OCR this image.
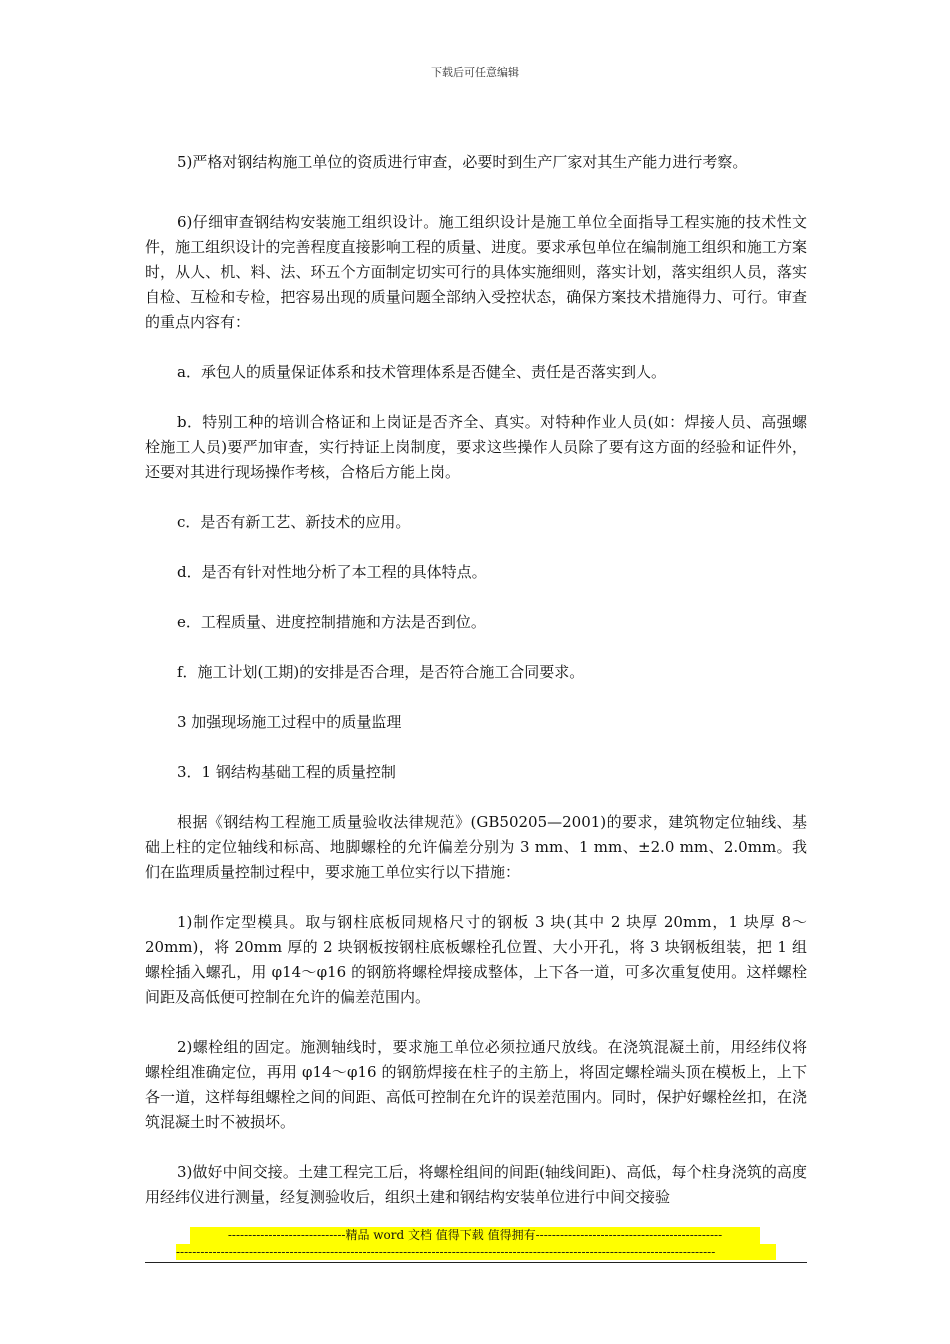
下载后可任意编辑

5)严格对钢结构施工单位的资质进行审查，必要时到生产厂家对其生产能力进行考察。

6)仔细审查钢结构安装施工组织设计。施工组织设计是施工单位全面指导工程实施的技术性文件，施工组织设计的完善程度直接影响工程的质量、进度。要求承包单位在编制施工组织和施工方案时，从人、机、料、法、环五个方面制定切实可行的具体实施细则，落实计划，落实组织人员，落实自检、互检和专检，把容易出现的质量问题全部纳入受控状态，确保方案技术措施得力、可行。审查的重点内容有：

a．承包人的质量保证体系和技术管理体系是否健全、责任是否落实到人。

b．特别工种的培训合格证和上岗证是否齐全、真实。对特种作业人员(如：焊接人员、高强螺栓施工人员)要严加审查，实行持证上岗制度，要求这些操作人员除了要有这方面的经验和证件外，还要对其进行现场操作考核，合格后方能上岗。

c．是否有新工艺、新技术的应用。

d．是否有针对性地分析了本工程的具体特点。

e．工程质量、进度控制措施和方法是否到位。

f．施工计划(工期)的安排是否合理，是否符合施工合同要求。

3 加强现场施工过程中的质量监理

3．1 钢结构基础工程的质量控制

根据《钢结构工程施工质量验收法律规范》(GB50205—2001)的要求，建筑物定位轴线、基础上柱的定位轴线和标高、地脚螺栓的允许偏差分别为 3 mm、1 mm、±2.0 mm、2.0mm。我们在监理质量控制过程中，要求施工单位实行以下措施：

1)制作定型模具。取与钢柱底板同规格尺寸的钢板 3 块(其中 2 块厚 20mm，1 块厚 8～20mm)，将 20mm 厚的 2 块钢板按钢柱底板螺栓孔位置、大小开孔，将 3 块钢板组装，把 1 组螺栓插入螺孔，用 φ14～φ16 的钢筋将螺栓焊接成整体，上下各一道，可多次重复使用。这样螺栓间距及高低便可控制在允许的偏差范围内。

2)螺栓组的固定。施测轴线时，要求施工单位必须拉通尺放线。在浇筑混凝土前，用经纬仪将螺栓组准确定位，再用 φ14～φ16 的钢筋焊接在柱子的主筋上，将固定螺栓端头顶在模板上，上下各一道，这样每组螺栓之间的间距、高低可控制在允许的误差范围内。同时，保护好螺栓丝扣，在浇筑混凝土时不被损坏。

3)做好中间交接。土建工程完工后，将螺栓组间的间距(轴线间距)、高低，每个柱身浇筑的高度用经纬仪进行测量，经复测验收后，组织土建和钢结构安装单位进行中间交接验

-----------------------------精品 word 文档 值得下载 值得拥有----------------------------------------------
-------------------------------------------------------------------------------------------------------------------------------------
